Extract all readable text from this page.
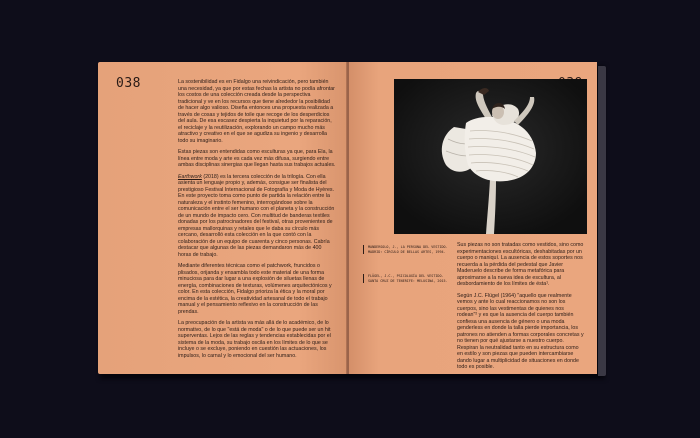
038	La sostenibilidad es en Fidalgo una reivindicación, pero también una necesidad, ya que por estas fechas la artista no podía afrontar los costos de una colección creada desde la perspectiva tradicional y ve en los recursos que tiene alrededor la posibilidad de hacer algo valioso. Diseña entonces una propuesta realizada a través de cosas y tejidos de toile que recoge de los desperdicios del aula. De esa escasez despierta la inquietud por la reparación, el reciclaje y la reutilización, explorando un campo mucho más atractivo y creativo en el que se agudiza su ingenio y desarrolla todo su imaginario.

Estas piezas son entendidas como esculturas ya que, para Ela, la línea entre moda y arte es cada vez más difusa, surgiendo entre ambas disciplinas sinergias que llegan hasta sus trabajos actuales.

Earthwork (2018) es la tercera colección de la trilogía. Con ella asienta un lenguaje propio y, además, consigue ser finalista del prestigioso Festival Internacional de Fotografía y Moda de Hyères. En este proyecto toma como punto de partida la relación entre la naturaleza y el instinto femenino, interrogándose sobre la comunicación entre el ser humano con el planeta y la construcción de un mundo de impacto cero. Con multitud de banderas textiles donadas por los patrocinadores del festival, otras provenientes de empresas mallorquinas y retales que le daba su círculo más cercano, desarrolló esta colección en la que contó con la colaboración de un equipo de cuarenta y cinco personas. Cabría destacar que algunas de las piezas demandaron más de 400 horas de trabajo.

Mediante diferentes técnicas como el patchwork, fruncidos o plisados, orijanda y ensambla todo este material de una forma minuciosa para dar lugar a una explosión de siluetas llenas de energía, combinaciones de texturas, volúmenes arquitectónicos y color. En esta colección, Fidalgo prioriza la ética y la moral por encima de la estética, la creatividad artesanal de todo el trabajo manual y el pensamiento reflexivo en la construcción de las prendas.

La preocupación de la artista va más allá de lo académico, de lo normativo, de lo que "está de moda" o de lo que puede ser un hit superventas. Lejos de las reglas y tendencias establecidas por el sistema de la moda, su trabajo oscila en los límites de lo que se incluye o se excluye, poniendo en cuestión las actuaciones, los impulsos, lo carnal y lo emocional del ser humano.

MANDERSOLO, J., LA PERSONA DEL VESTIDO. MADRID: CÍRCULO DE BELLAS ARTES, 1994.
FLÜGEL, J.C., PSICOLOGÍA DEL VESTIDO. SANTA CRUZ DE TENERIFE: MELUSINA, 2015.

Sus piezas no son tratadas como vestidos, sino como experimentaciones escultóricas, deshabitadas por un cuerpo o maniquí. La ausencia de estos soportes nos recuerda a la pérdida del pedestal que Javier Maderuelo describe de forma metafórica para aproximarse a la nueva idea de escultura, al desbordamiento de los límites de ésta¹.

Según J.C. Flügel (1964) "aquello que realmente vemos y ante lo cual reaccionamos no son los cuerpos, sino las vestimentas de quienes nos rodean"² y es que la ausencia del cuerpo también confiesa una ausencia de género o una moda genderless en donde la talla pierde importancia, los patrones no atienden a formas corporales concretas y no tienen por qué ajustarse a nuestro cuerpo. Respiran la neutralidad tanto en su estructura como en estilo y son piezas que pueden intercambiarse dando lugar a multiplicidad de situaciones en donde todo es posible.
